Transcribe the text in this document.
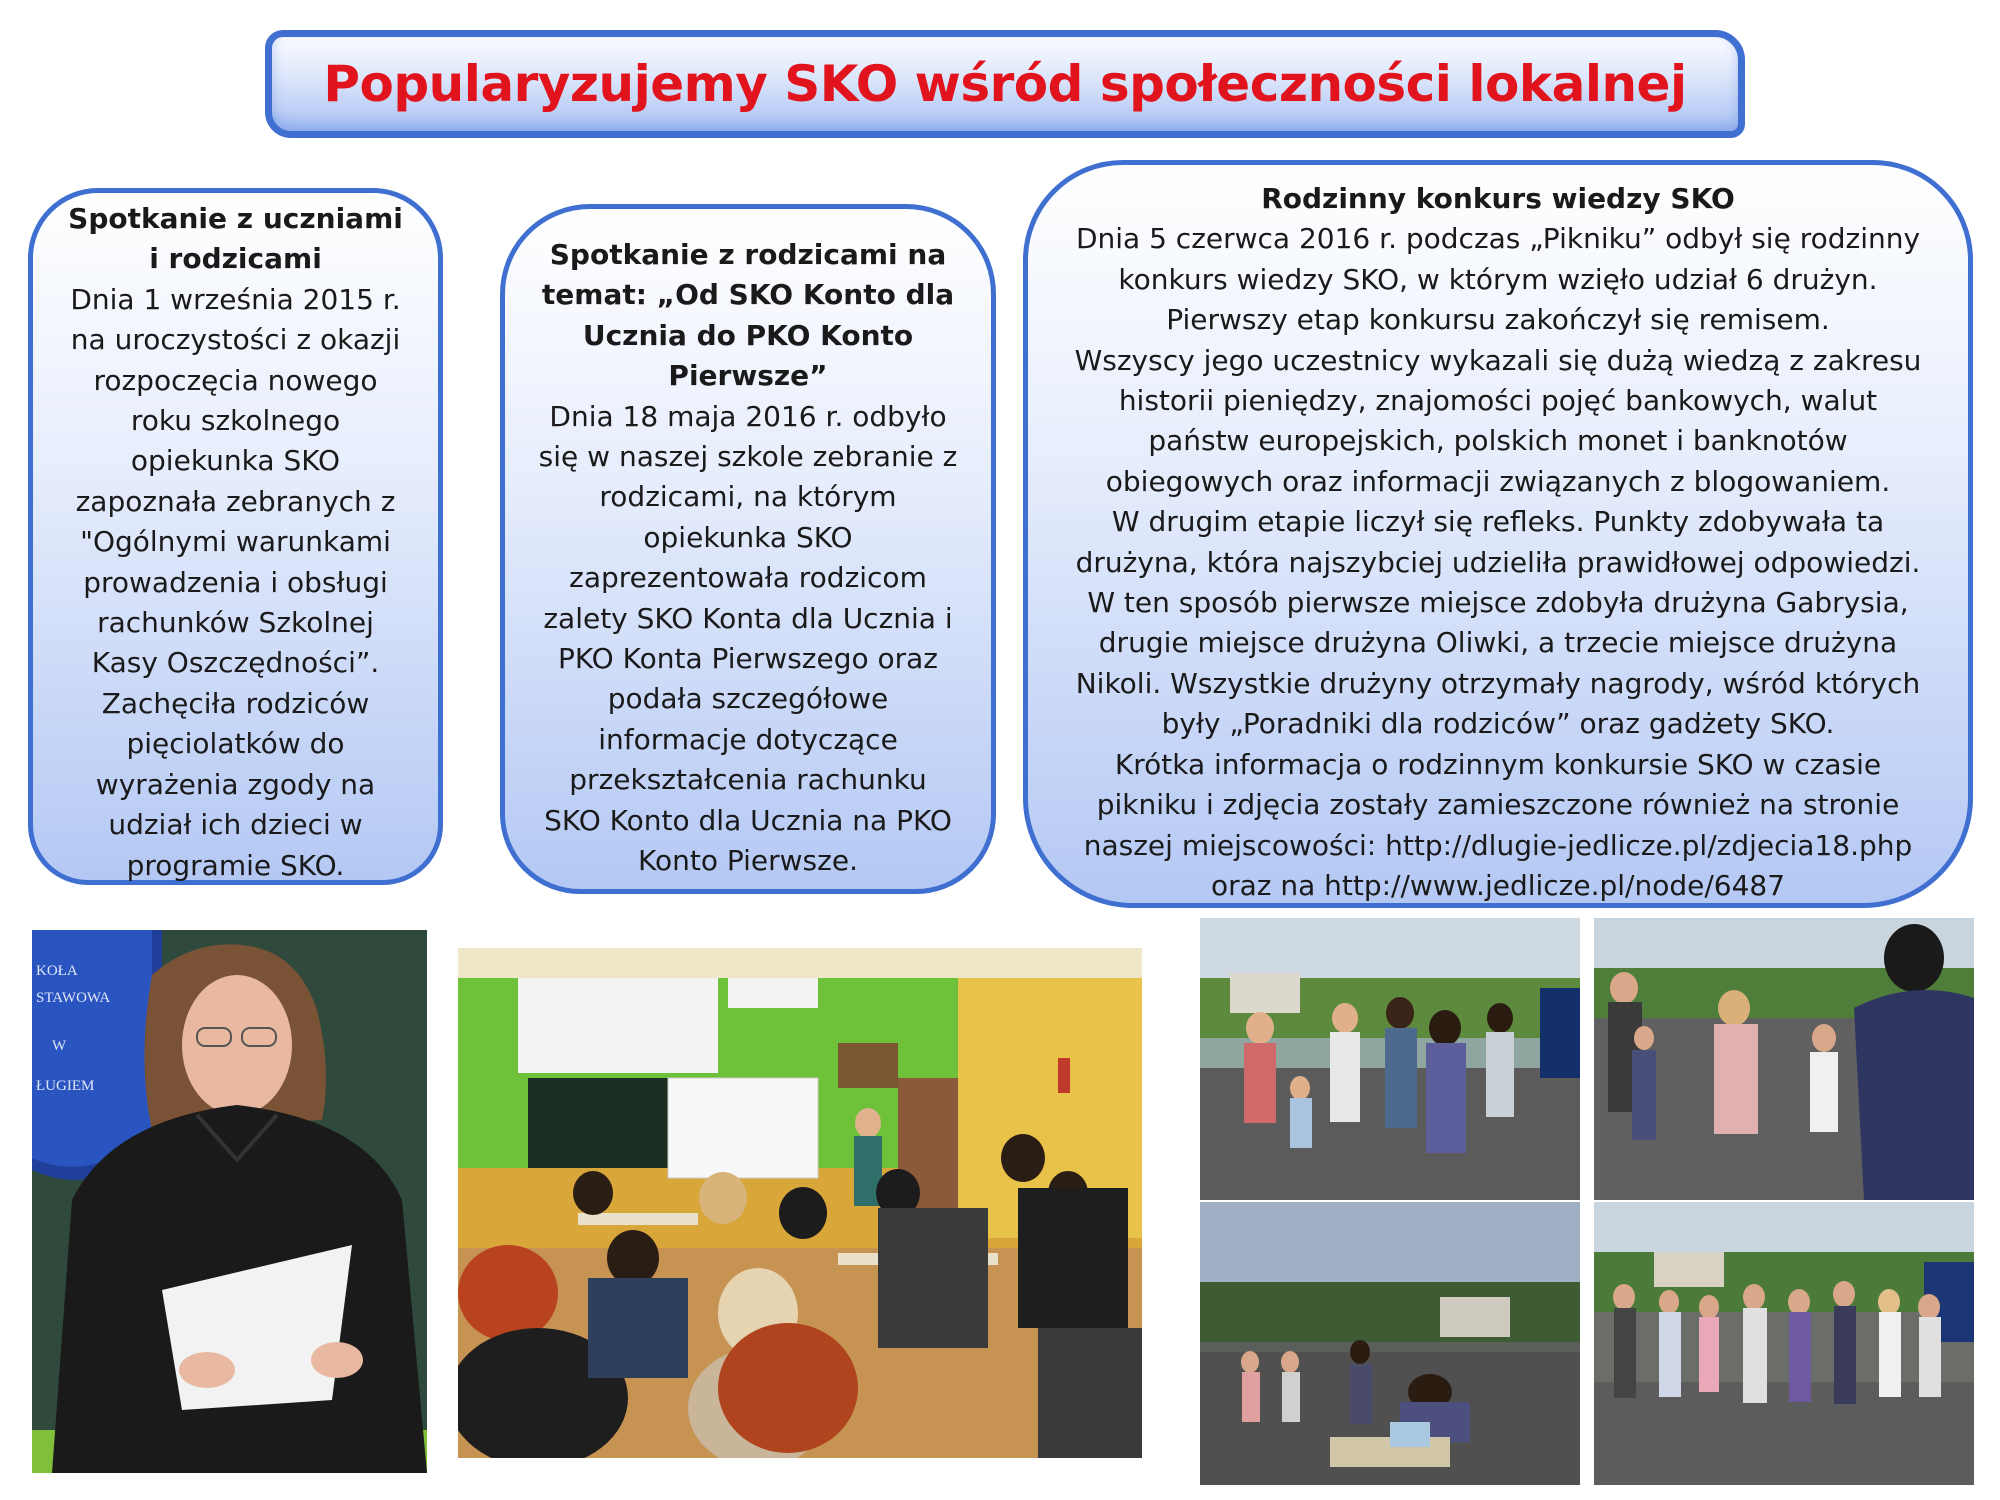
Popularyzujemy SKO wśród społeczności lokalnej
Spotkanie z uczniami
i rodzicami
Dnia 1 września 2015 r.
na uroczystości z okazji
rozpoczęcia nowego
roku szkolnego
opiekunka SKO
zapoznała zebranych z
"Ogólnymi warunkami
prowadzenia i obsługi
rachunków Szkolnej
Kasy Oszczędności”.
Zachęciła rodziców
pięciolatków do
wyrażenia zgody na
udział ich dzieci w
programie SKO.
Spotkanie z rodzicami na
temat: „Od SKO Konto dla
Ucznia do PKO Konto
Pierwsze”
Dnia 18 maja 2016 r. odbyło
się w naszej szkole zebranie z
rodzicami, na którym
opiekunka SKO
zaprezentowała rodzicom
zalety SKO Konta dla Ucznia i
PKO Konta Pierwszego oraz
podała szczegółowe
informacje dotyczące
przekształcenia rachunku
SKO Konto dla Ucznia na PKO
Konto Pierwsze.
Rodzinny konkurs wiedzy SKO
Dnia 5 czerwca 2016 r. podczas „Pikniku” odbył się rodzinny
konkurs wiedzy SKO, w którym wzięło udział 6 drużyn.
Pierwszy etap konkursu zakończył się remisem.
Wszyscy jego uczestnicy wykazali się dużą wiedzą z zakresu
historii pieniędzy, znajomości pojęć bankowych, walut
państw europejskich, polskich monet i banknotów
obiegowych oraz informacji związanych z blogowaniem.
W drugim etapie liczył się refleks. Punkty zdobywała ta
drużyna, która najszybciej udzieliła prawidłowej odpowiedzi.
W ten sposób pierwsze miejsce zdobyła drużyna Gabrysia,
drugie miejsce drużyna Oliwki, a trzecie miejsce drużyna
Nikoli. Wszystkie drużyny otrzymały nagrody, wśród których
były „Poradniki dla rodziców” oraz gadżety SKO.
Krótka informacja o rodzinnym konkursie SKO w czasie
pikniku i zdjęcia zostały zamieszczone również na stronie
naszej miejscowości: http://dlugie-jedlicze.pl/zdjecia18.php
oraz na http://www.jedlicze.pl/node/6487
KOŁA
STAWOWA
W
ŁUGIEM
